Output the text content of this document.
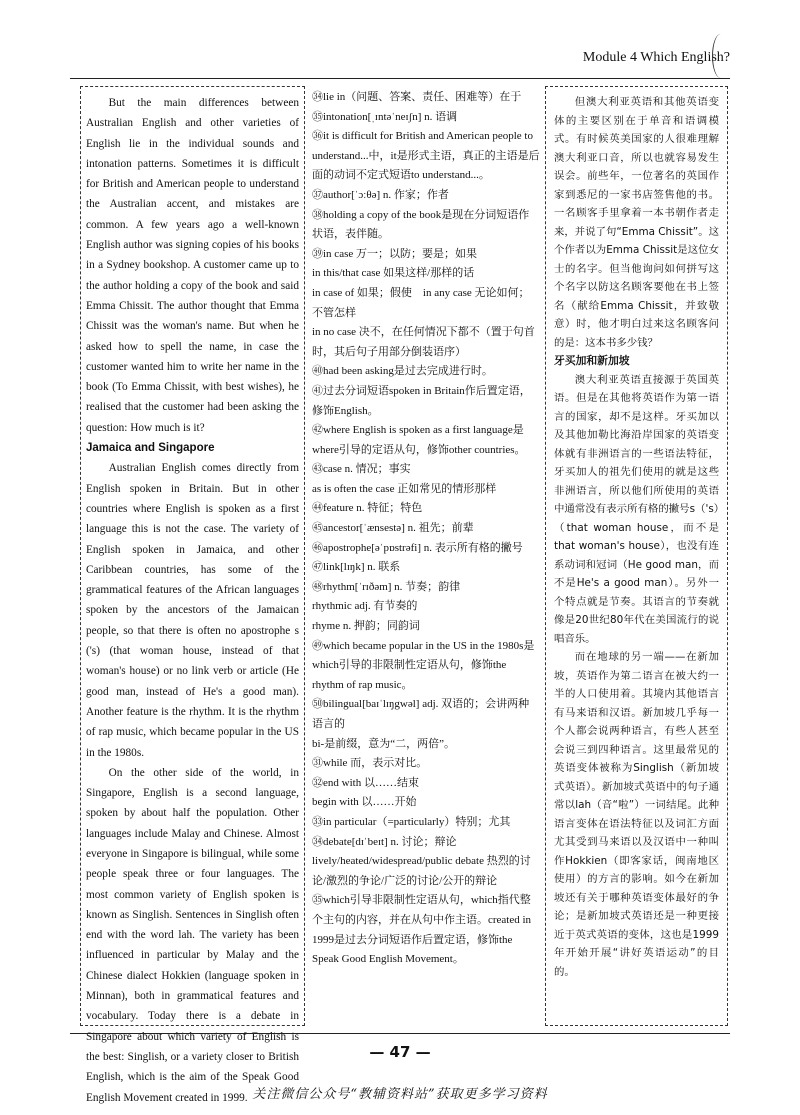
Module 4 Which English?

But the main differences between Australian English and other varieties of English lie in the individual sounds and intonation patterns. Sometimes it is difficult for British and American people to understand the Australian accent, and mistakes are common. A few years ago a well-known English author was signing copies of his books in a Sydney bookshop. A customer came up to the author holding a copy of the book and said Emma Chissit. The author thought that Emma Chissit was the woman's name. But when he asked how to spell the name, in case the customer wanted him to write her name in the book (To Emma Chissit, with best wishes), he realised that the customer had been asking the question: How much is it?

Jamaica and Singapore

Australian English comes directly from English spoken in Britain. But in other countries where English is spoken as a first language this is not the case. The variety of English spoken in Jamaica, and other Caribbean countries, has some of the grammatical features of the African languages spoken by the ancestors of the Jamaican people, so that there is often no apostrophe s ('s) (that woman house, instead of that woman's house) or no link verb or article (He good man, instead of He's a good man). Another feature is the rhythm. It is the rhythm of rap music, which became popular in the US in the 1980s.

On the other side of the world, in Singapore, English is a second language, spoken by about half the population. Other languages include Malay and Chinese. Almost everyone in Singapore is bilingual, while some people speak three or four languages. The most common variety of English spoken is known as Singlish. Sentences in Singlish often end with the word lah. The variety has been influenced in particular by Malay and the Chinese dialect Hokkien (language spoken in Minnan), both in grammatical features and vocabulary. Today there is a debate in Singapore about which variety of English is the best: Singlish, or a variety closer to British English, which is the aim of the Speak Good English Movement created in 1999.

㉞lie in（问题、答案、责任、困难等）在于

㉟intonation[ˌɪntəˈneɪʃn] n. 语调

㊱it is difficult for British and American people to understand...中，it是形式主语，真正的主语是后面的动词不定式短语to understand...。

㊲author[ˈɔːθə] n. 作家；作者

㊳holding a copy of the book是现在分词短语作状语，表伴随。

㊴in case 万一；以防；要是；如果

in this/that case 如果这样/那样的话

in case of 如果；假使　in any case 无论如何；不管怎样

in no case 决不，在任何情况下都不（置于句首时，其后句子用部分倒装语序）

㊵had been asking是过去完成进行时。

㊶过去分词短语spoken in Britain作后置定语，修饰English。

㊷where English is spoken as a first language是where引导的定语从句，修饰other countries。

㊸case n. 情况；事实

as is often the case 正如常见的情形那样

㊹feature n. 特征；特色

㊺ancestor[ˈænsestə] n. 祖先；前辈

㊻apostrophe[əˈpɒstrəfi] n. 表示所有格的撇号

㊼link[lɪŋk] n. 联系

㊽rhythm[ˈrɪðəm] n. 节奏；韵律

rhythmic adj. 有节奏的

rhyme n. 押韵；同韵词

㊾which became popular in the US in the 1980s是which引导的非限制性定语从句，修饰the rhythm of rap music。

㊿bilingual[baɪˈlɪŋgwəl] adj. 双语的；会讲两种语言的

bi-是前缀，意为“二，两倍”。

㉛while 而，表示对比。

㉜end with 以……结束

begin with 以……开始

㉝in particular（=particularly）特别；尤其

㉞debate[dɪˈbeɪt] n. 讨论；辩论

lively/heated/widespread/public debate 热烈的讨论/激烈的争论/广泛的讨论/公开的辩论

㉟which引导非限制性定语从句，which指代整个主句的内容，并在从句中作主语。created in 1999是过去分词短语作后置定语，修饰the Speak Good English Movement。

但澳大利亚英语和其他英语变体的主要区别在于单音和语调模式。有时候英美国家的人很难理解澳大利亚口音，所以也就容易发生误会。前些年，一位著名的英国作家到悉尼的一家书店签售他的书。一名顾客手里拿着一本书朝作者走来，并说了句“Emma Chissit”。这个作者以为Emma Chissit是这位女士的名字。但当他询问如何拼写这个名字以防这名顾客要他在书上签名（献给Emma Chissit，并致敬意）时，他才明白过来这名顾客问的是：这本书多少钱？

牙买加和新加坡

澳大利亚英语直接源于英国英语。但是在其他将英语作为第一语言的国家，却不是这样。牙买加以及其他加勒比海沿岸国家的英语变体就有非洲语言的一些语法特征，牙买加人的祖先们使用的就是这些非洲语言，所以他们所使用的英语中通常没有表示所有格的撇号s（'s）（that woman house，而不是that woman's house），也没有连系动词和冠词（He good man，而不是He's a good man）。另外一个特点就是节奏。其语言的节奏就像是20世纪80年代在美国流行的说唱音乐。

而在地球的另一端——在新加坡，英语作为第二语言在被大约一半的人口使用着。其境内其他语言有马来语和汉语。新加坡几乎每一个人都会说两种语言，有些人甚至会说三到四种语言。这里最常见的英语变体被称为Singlish（新加坡式英语）。新加坡式英语中的句子通常以lah（音“啦”）一词结尾。此种语言变体在语法特征以及词汇方面尤其受到马来语以及汉语中一种叫作Hokkien（即客家话，闽南地区使用）的方言的影响。如今在新加坡还有关于哪种英语变体最好的争论；是新加坡式英语还是一种更接近于英式英语的变体，这也是1999年开始开展“讲好英语运动”的目的。

— 47 —
关注微信公众号“教辅资料站”获取更多学习资料
